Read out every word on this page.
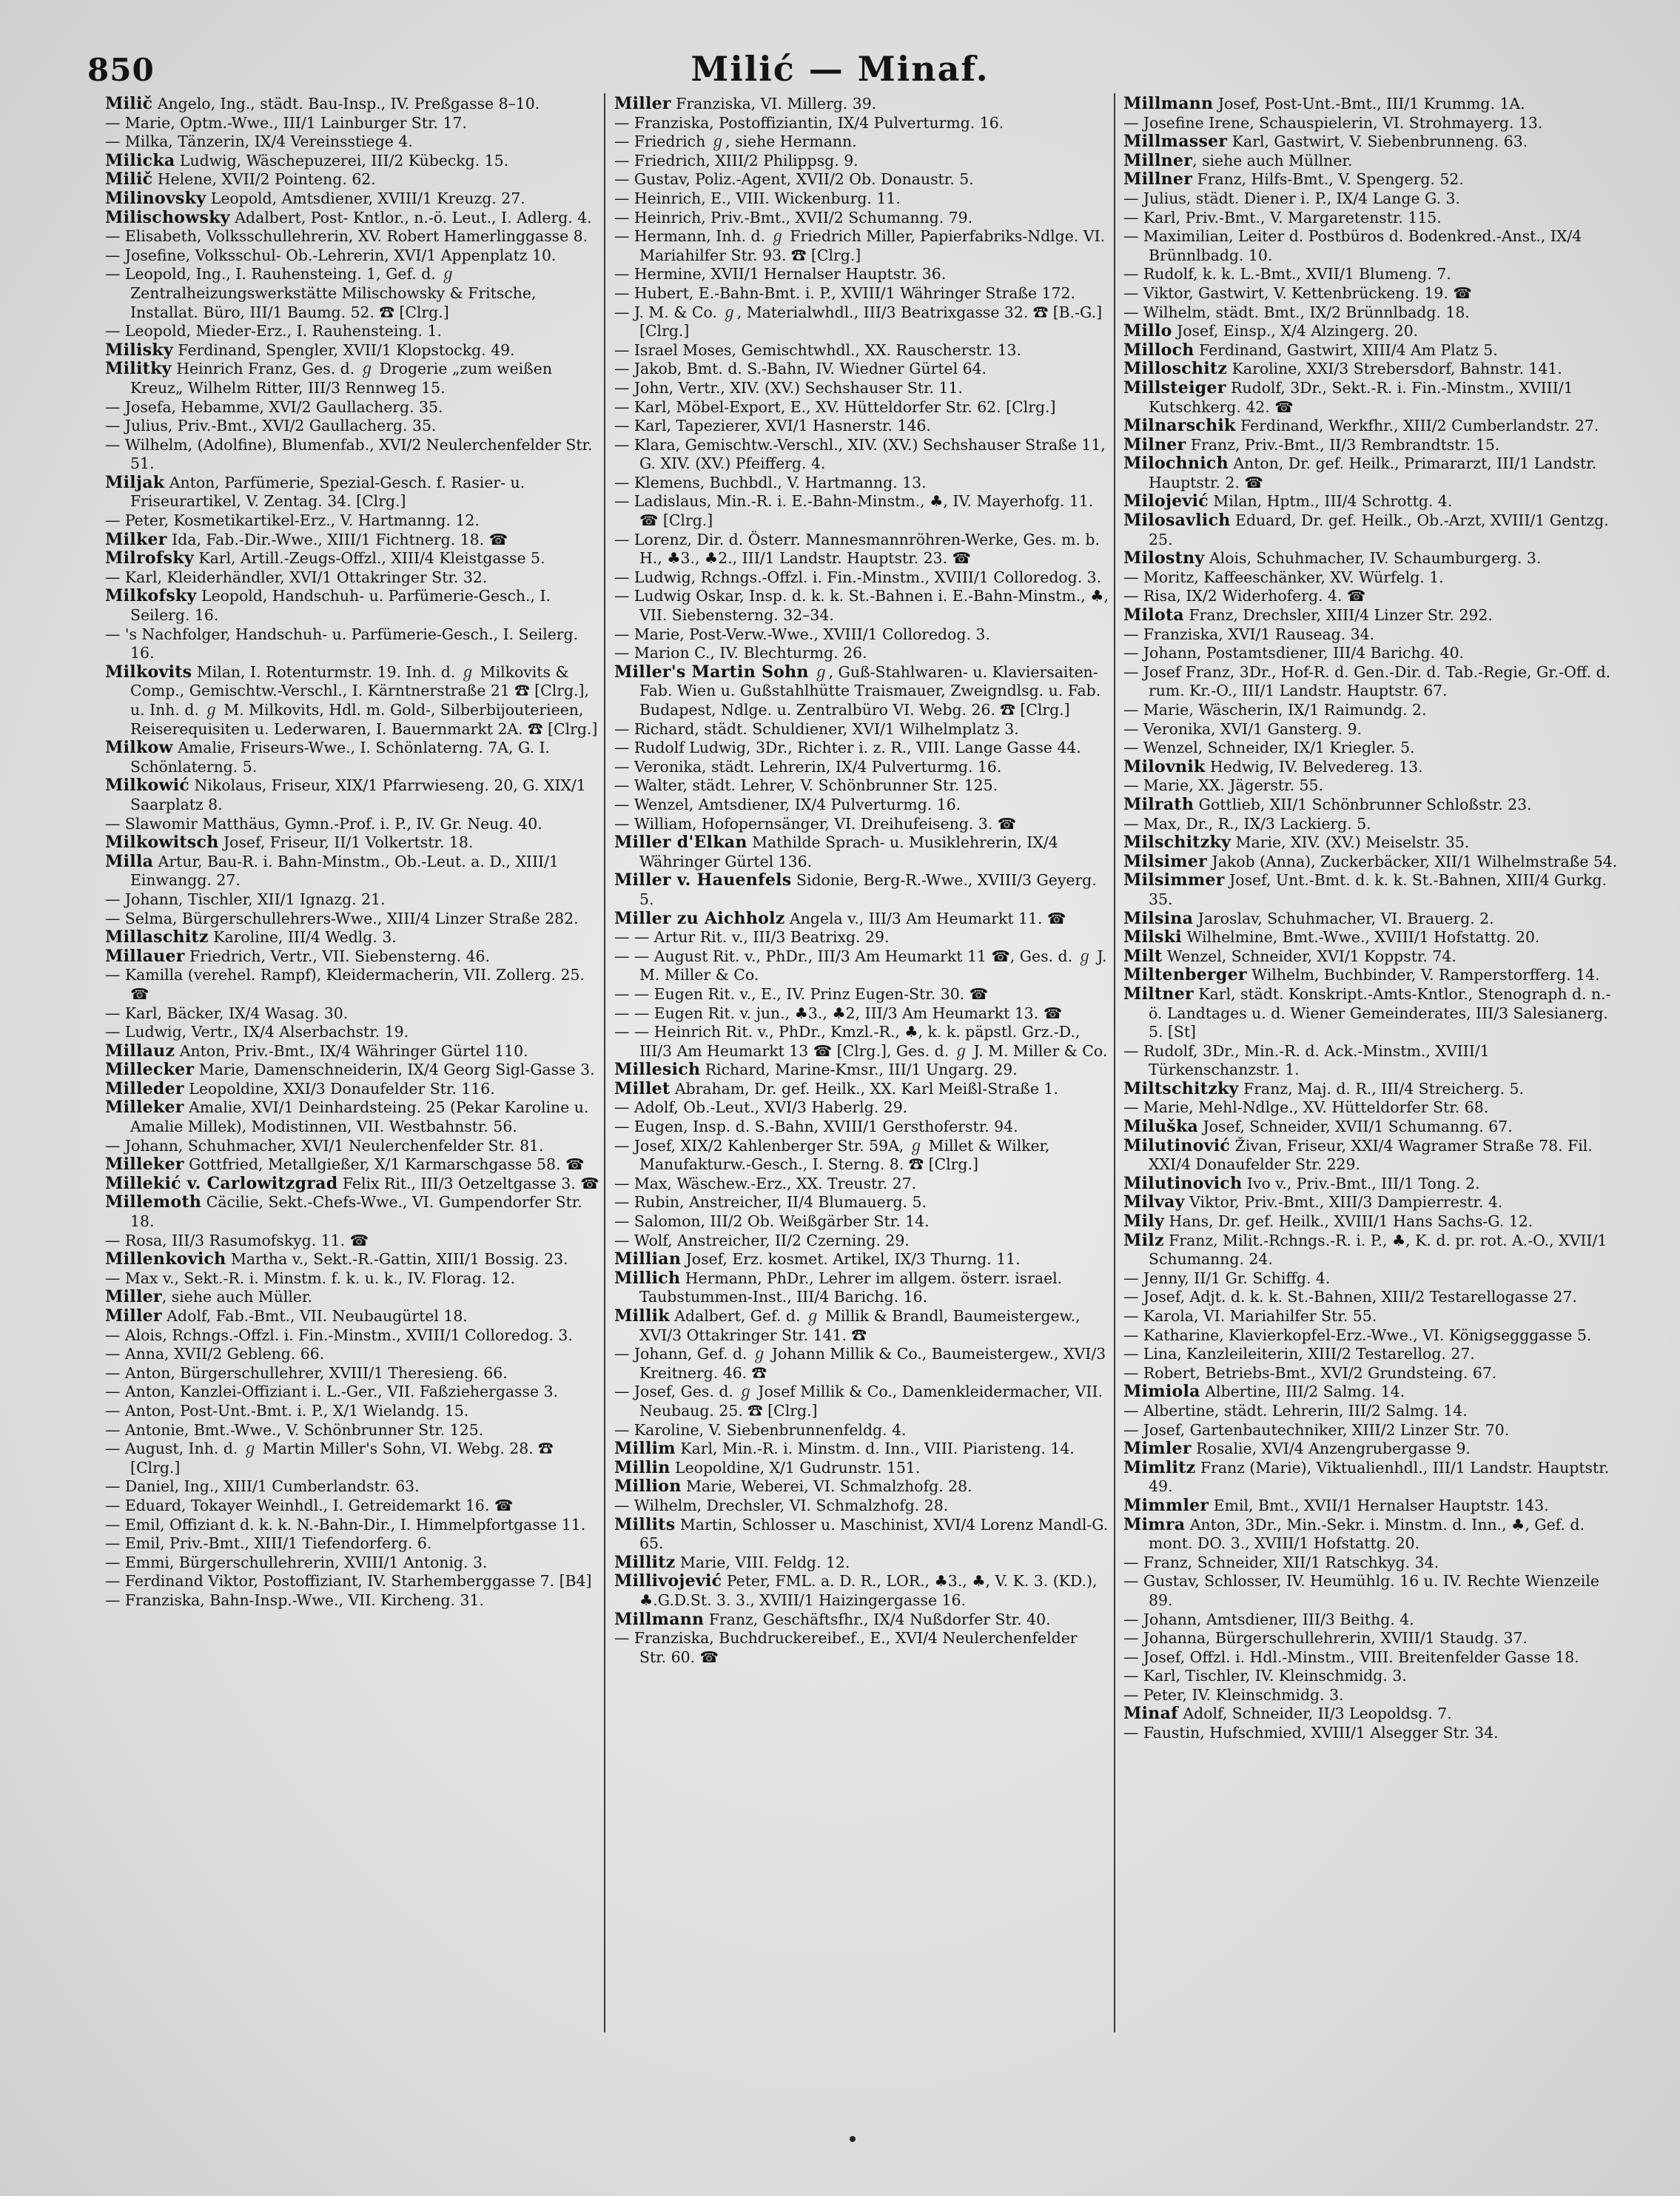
850	Milić — Minaf.

Milič Angelo, Ing., städt. Bau-Insp., IV. Preßgasse 8–10.

— Marie, Optm.-Wwe., III/1 Lainburger Str. 17.

— Milka, Tänzerin, IX/4 Vereinsstiege 4.

Milicka Ludwig, Wäschepuzerei, III/2 Kübeckg. 15.

Milič Helene, XVII/2 Pointeng. 62.

Milinovsky Leopold, Amtsdiener, XVIII/1 Kreuzg. 27.

Milischowsky Adalbert, Post- Kntlor., n.-ö. Leut., I. Adlerg. 4.

— Elisabeth, Volksschullehrerin, XV. Robert Hamerlinggasse 8.

— Josefine, Volksschul- Ob.-Lehrerin, XVI/1 Appenplatz 10.

— Leopold, Ing., I. Rauhensteing. 1, Gef. d. ℊ Zentralheizungswerkstätte Milischowsky & Fritsche, Installat. Büro, III/1 Baumg. 52. ☎ [Clrg.]

— Leopold, Mieder-Erz., I. Rauhensteing. 1.

Milisky Ferdinand, Spengler, XVII/1 Klopstockg. 49.

Militky Heinrich Franz, Ges. d. ℊ Drogerie „zum weißen Kreuz„ Wilhelm Ritter, III/3 Rennweg 15.

— Josefa, Hebamme, XVI/2 Gaullacherg. 35.

— Julius, Priv.-Bmt., XVI/2 Gaullacherg. 35.

— Wilhelm, (Adolfine), Blumenfab., XVI/2 Neulerchenfelder Str. 51.

Miljak Anton, Parfümerie, Spezial-Gesch. f. Rasier- u. Friseurartikel, V. Zentag. 34. [Clrg.]

— Peter, Kosmetikartikel-Erz., V. Hartmanng. 12.

Milker Ida, Fab.-Dir.-Wwe., XIII/1 Fichtnerg. 18. ☎

Milrofsky Karl, Artill.-Zeugs-Offzl., XIII/4 Kleistgasse 5.

— Karl, Kleiderhändler, XVI/1 Ottakringer Str. 32.

Milkofsky Leopold, Handschuh- u. Parfümerie-Gesch., I. Seilerg. 16.

— 's Nachfolger, Handschuh- u. Parfümerie-Gesch., I. Seilerg. 16.

Milkovits Milan, I. Rotenturmstr. 19. Inh. d. ℊ Milkovits & Comp., Gemischtw.-Verschl., I. Kärntnerstraße 21 ☎ [Clrg.], u. Inh. d. ℊ M. Milkovits, Hdl. m. Gold-, Silberbijouterieen, Reiserequisiten u. Lederwaren, I. Bauernmarkt 2A. ☎ [Clrg.]

Milkow Amalie, Friseurs-Wwe., I. Schönlaterng. 7A, G. I. Schönlaterng. 5.

Milkowić Nikolaus, Friseur, XIX/1 Pfarrwieseng. 20, G. XIX/1 Saarplatz 8.

— Slawomir Matthäus, Gymn.-Prof. i. P., IV. Gr. Neug. 40.

Milkowitsch Josef, Friseur, II/1 Volkertstr. 18.

Milla Artur, Bau-R. i. Bahn-Minstm., Ob.-Leut. a. D., XIII/1 Einwangg. 27.

— Johann, Tischler, XII/1 Ignazg. 21.

— Selma, Bürgerschullehrers-Wwe., XIII/4 Linzer Straße 282.

Millaschitz Karoline, III/4 Wedlg. 3.

Millauer Friedrich, Vertr., VII. Siebensterng. 46.

— Kamilla (verehel. Rampf), Kleidermacherin, VII. Zollerg. 25. ☎

— Karl, Bäcker, IX/4 Wasag. 30.

— Ludwig, Vertr., IX/4 Alserbachstr. 19.

Millauz Anton, Priv.-Bmt., IX/4 Währinger Gürtel 110.

Millecker Marie, Damenschneiderin, IX/4 Georg Sigl-Gasse 3.

Milleder Leopoldine, XXI/3 Donaufelder Str. 116.

Milleker Amalie, XVI/1 Deinhardsteing. 25 (Pekar Karoline u. Amalie Millek), Modistinnen, VII. Westbahnstr. 56.

— Johann, Schuhmacher, XVI/1 Neulerchenfelder Str. 81.

Milleker Gottfried, Metallgießer, X/1 Karmarschgasse 58. ☎

Millekić v. Carlowitzgrad Felix Rit., III/3 Oetzeltgasse 3. ☎

Millemoth Cäcilie, Sekt.-Chefs-Wwe., VI. Gumpendorfer Str. 18.

— Rosa, III/3 Rasumofskyg. 11. ☎

Millenkovich Martha v., Sekt.-R.-Gattin, XIII/1 Bossig. 23.

— Max v., Sekt.-R. i. Minstm. f. k. u. k., IV. Florag. 12.

Miller, siehe auch Müller.

Miller Adolf, Fab.-Bmt., VII. Neubaugürtel 18.

— Alois, Rchngs.-Offzl. i. Fin.-Minstm., XVIII/1 Colloredog. 3.

— Anna, XVII/2 Gebleng. 66.

— Anton, Bürgerschullehrer, XVIII/1 Theresieng. 66.

— Anton, Kanzlei-Offiziant i. L.-Ger., VII. Faßziehergasse 3.

— Anton, Post-Unt.-Bmt. i. P., X/1 Wielandg. 15.

— Antonie, Bmt.-Wwe., V. Schönbrunner Str. 125.

— August, Inh. d. ℊ Martin Miller's Sohn, VI. Webg. 28. ☎ [Clrg.]

— Daniel, Ing., XIII/1 Cumberlandstr. 63.

— Eduard, Tokayer Weinhdl., I. Getreidemarkt 16. ☎

— Emil, Offiziant d. k. k. N.-Bahn-Dir., I. Himmelpfortgasse 11.

— Emil, Priv.-Bmt., XIII/1 Tiefendorferg. 6.

— Emmi, Bürgerschullehrerin, XVIII/1 Antonig. 3.

— Ferdinand Viktor, Postoffiziant, IV. Starhemberggasse 7. [B4]

— Franziska, Bahn-Insp.-Wwe., VII. Kircheng. 31.

Miller Franziska, VI. Millerg. 39.

— Franziska, Postoffiziantin, IX/4 Pulverturmg. 16.

— Friedrich ℊ, siehe Hermann.

— Friedrich, XIII/2 Philippsg. 9.

— Gustav, Poliz.-Agent, XVII/2 Ob. Donaustr. 5.

— Heinrich, E., VIII. Wickenburg. 11.

— Heinrich, Priv.-Bmt., XVII/2 Schumanng. 79.

— Hermann, Inh. d. ℊ Friedrich Miller, Papierfabriks-Ndlge. VI. Mariahilfer Str. 93. ☎ [Clrg.]

— Hermine, XVII/1 Hernalser Hauptstr. 36.

— Hubert, E.-Bahn-Bmt. i. P., XVIII/1 Währinger Straße 172.

— J. M. & Co. ℊ, Materialwhdl., III/3 Beatrixgasse 32. ☎ [B.-G.] [Clrg.]

— Israel Moses, Gemischtwhdl., XX. Rauscherstr. 13.

— Jakob, Bmt. d. S.-Bahn, IV. Wiedner Gürtel 64.

— John, Vertr., XIV. (XV.) Sechshauser Str. 11.

— Karl, Möbel-Export, E., XV. Hütteldorfer Str. 62. [Clrg.]

— Karl, Tapezierer, XVI/1 Hasnerstr. 146.

— Klara, Gemischtw.-Verschl., XIV. (XV.) Sechshauser Straße 11, G. XIV. (XV.) Pfeifferg. 4.

— Klemens, Buchbdl., V. Hartmanng. 13.

— Ladislaus, Min.-R. i. E.-Bahn-Minstm., ♣, IV. Mayerhofg. 11. ☎ [Clrg.]

— Lorenz, Dir. d. Österr. Mannesmannröhren-Werke, Ges. m. b. H., ♣3., ♣2., III/1 Landstr. Hauptstr. 23. ☎

— Ludwig, Rchngs.-Offzl. i. Fin.-Minstm., XVIII/1 Colloredog. 3.

— Ludwig Oskar, Insp. d. k. k. St.-Bahnen i. E.-Bahn-Minstm., ♣, VII. Siebensterng. 32–34.

— Marie, Post-Verw.-Wwe., XVIII/1 Colloredog. 3.

— Marion C., IV. Blechturmg. 26.

Miller's Martin Sohn ℊ, Guß-Stahlwaren- u. Klaviersaiten-Fab. Wien u. Gußstahlhütte Traismauer, Zweigndlsg. u. Fab. Budapest, Ndlge. u. Zentralbüro VI. Webg. 26. ☎ [Clrg.]

— Richard, städt. Schuldiener, XVI/1 Wilhelmplatz 3.

— Rudolf Ludwig, 3Dr., Richter i. z. R., VIII. Lange Gasse 44.

— Veronika, städt. Lehrerin, IX/4 Pulverturmg. 16.

— Walter, städt. Lehrer, V. Schönbrunner Str. 125.

— Wenzel, Amtsdiener, IX/4 Pulverturmg. 16.

— William, Hofopernsänger, VI. Dreihufeiseng. 3. ☎

Miller d'Elkan Mathilde Sprach- u. Musiklehrerin, IX/4 Währinger Gürtel 136.

Miller v. Hauenfels Sidonie, Berg-R.-Wwe., XVIII/3 Geyerg. 5.

Miller zu Aichholz Angela v., III/3 Am Heumarkt 11. ☎

— — Artur Rit. v., III/3 Beatrixg. 29.

— — August Rit. v., PhDr., III/3 Am Heumarkt 11 ☎, Ges. d. ℊ J. M. Miller & Co.

— — Eugen Rit. v., E., IV. Prinz Eugen-Str. 30. ☎

— — Eugen Rit. v. jun., ♣3., ♣2, III/3 Am Heumarkt 13. ☎

— — Heinrich Rit. v., PhDr., Kmzl.-R., ♣, k. k. päpstl. Grz.-D., III/3 Am Heumarkt 13 ☎ [Clrg.], Ges. d. ℊ J. M. Miller & Co.

Millesich Richard, Marine-Kmsr., III/1 Ungarg. 29.

Millet Abraham, Dr. gef. Heilk., XX. Karl Meißl-Straße 1.

— Adolf, Ob.-Leut., XVI/3 Haberlg. 29.

— Eugen, Insp. d. S.-Bahn, XVIII/1 Gersthoferstr. 94.

— Josef, XIX/2 Kahlenberger Str. 59A, ℊ Millet & Wilker, Manufakturw.-Gesch., I. Sterng. 8. ☎ [Clrg.]

— Max, Wäschew.-Erz., XX. Treustr. 27.

— Rubin, Anstreicher, II/4 Blumauerg. 5.

— Salomon, III/2 Ob. Weißgärber Str. 14.

— Wolf, Anstreicher, II/2 Czerning. 29.

Millian Josef, Erz. kosmet. Artikel, IX/3 Thurng. 11.

Millich Hermann, PhDr., Lehrer im allgem. österr. israel. Taubstummen-Inst., III/4 Barichg. 16.

Millik Adalbert, Gef. d. ℊ Millik & Brandl, Baumeistergew., XVI/3 Ottakringer Str. 141. ☎

— Johann, Gef. d. ℊ Johann Millik & Co., Baumeistergew., XVI/3 Kreitnerg. 46. ☎

— Josef, Ges. d. ℊ Josef Millik & Co., Damenkleidermacher, VII. Neubaug. 25. ☎ [Clrg.]

— Karoline, V. Siebenbrunnenfeldg. 4.

Millim Karl, Min.-R. i. Minstm. d. Inn., VIII. Piaristeng. 14.

Millin Leopoldine, X/1 Gudrunstr. 151.

Million Marie, Weberei, VI. Schmalzhofg. 28.

— Wilhelm, Drechsler, VI. Schmalzhofg. 28.

Millits Martin, Schlosser u. Maschinist, XVI/4 Lorenz Mandl-G. 65.

Millitz Marie, VIII. Feldg. 12.

Millivojević Peter, FML. a. D. R., LOR., ♣3., ♣, V. K. 3. (KD.), ♣.G.D.St. 3. 3., XVIII/1 Haizingergasse 16.

Millmann Franz, Geschäftsfhr., IX/4 Nußdorfer Str. 40.

— Franziska, Buchdruckereibef., E., XVI/4 Neulerchenfelder Str. 60. ☎

Millmann Josef, Post-Unt.-Bmt., III/1 Krummg. 1A.

— Josefine Irene, Schauspielerin, VI. Strohmayerg. 13.

Millmasser Karl, Gastwirt, V. Siebenbrunneng. 63.

Millner, siehe auch Müllner.

Millner Franz, Hilfs-Bmt., V. Spengerg. 52.

— Julius, städt. Diener i. P., IX/4 Lange G. 3.

— Karl, Priv.-Bmt., V. Margaretenstr. 115.

— Maximilian, Leiter d. Postbüros d. Bodenkred.-Anst., IX/4 Brünnlbadg. 10.

— Rudolf, k. k. L.-Bmt., XVII/1 Blumeng. 7.

— Viktor, Gastwirt, V. Kettenbrückeng. 19. ☎

— Wilhelm, städt. Bmt., IX/2 Brünnlbadg. 18.

Millo Josef, Einsp., X/4 Alzingerg. 20.

Milloch Ferdinand, Gastwirt, XIII/4 Am Platz 5.

Milloschitz Karoline, XXI/3 Strebersdorf, Bahnstr. 141.

Millsteiger Rudolf, 3Dr., Sekt.-R. i. Fin.-Minstm., XVIII/1 Kutschkerg. 42. ☎

Milnarschik Ferdinand, Werkfhr., XIII/2 Cumberlandstr. 27.

Milner Franz, Priv.-Bmt., II/3 Rembrandtstr. 15.

Milochnich Anton, Dr. gef. Heilk., Primararzt, III/1 Landstr. Hauptstr. 2. ☎

Milojević Milan, Hptm., III/4 Schrottg. 4.

Milosavlich Eduard, Dr. gef. Heilk., Ob.-Arzt, XVIII/1 Gentzg. 25.

Milostny Alois, Schuhmacher, IV. Schaumburgerg. 3.

— Moritz, Kaffeeschänker, XV. Würfelg. 1.

— Risa, IX/2 Widerhoferg. 4. ☎

Milota Franz, Drechsler, XIII/4 Linzer Str. 292.

— Franziska, XVI/1 Rauseag. 34.

— Johann, Postamtsdiener, III/4 Barichg. 40.

— Josef Franz, 3Dr., Hof-R. d. Gen.-Dir. d. Tab.-Regie, Gr.-Off. d. rum. Kr.-O., III/1 Landstr. Hauptstr. 67.

— Marie, Wäscherin, IX/1 Raimundg. 2.

— Veronika, XVI/1 Gansterg. 9.

— Wenzel, Schneider, IX/1 Kriegler. 5.

Milovnik Hedwig, IV. Belvedereg. 13.

— Marie, XX. Jägerstr. 55.

Milrath Gottlieb, XII/1 Schönbrunner Schloßstr. 23.

— Max, Dr., R., IX/3 Lackierg. 5.

Milschitzky Marie, XIV. (XV.) Meiselstr. 35.

Milsimer Jakob (Anna), Zuckerbäcker, XII/1 Wilhelmstraße 54.

Milsimmer Josef, Unt.-Bmt. d. k. k. St.-Bahnen, XIII/4 Gurkg. 35.

Milsina Jaroslav, Schuhmacher, VI. Brauerg. 2.

Milski Wilhelmine, Bmt.-Wwe., XVIII/1 Hofstattg. 20.

Milt Wenzel, Schneider, XVI/1 Koppstr. 74.

Miltenberger Wilhelm, Buchbinder, V. Ramperstorfferg. 14.

Miltner Karl, städt. Konskript.-Amts-Kntlor., Stenograph d. n.-ö. Landtages u. d. Wiener Gemeinderates, III/3 Salesianerg. 5. [St]

— Rudolf, 3Dr., Min.-R. d. Ack.-Minstm., XVIII/1 Türkenschanzstr. 1.

Miltschitzky Franz, Maj. d. R., III/4 Streicherg. 5.

— Marie, Mehl-Ndlge., XV. Hütteldorfer Str. 68.

Miluška Josef, Schneider, XVII/1 Schumanng. 67.

Milutinović Živan, Friseur, XXI/4 Wagramer Straße 78. Fil. XXI/4 Donaufelder Str. 229.

Milutinovich Ivo v., Priv.-Bmt., III/1 Tong. 2.

Milvay Viktor, Priv.-Bmt., XIII/3 Dampierrestr. 4.

Mily Hans, Dr. gef. Heilk., XVIII/1 Hans Sachs-G. 12.

Milz Franz, Milit.-Rchngs.-R. i. P., ♣, K. d. pr. rot. A.-O., XVII/1 Schumanng. 24.

— Jenny, II/1 Gr. Schiffg. 4.

— Josef, Adjt. d. k. k. St.-Bahnen, XIII/2 Testarellogasse 27.

— Karola, VI. Mariahilfer Str. 55.

— Katharine, Klavierkopfel-Erz.-Wwe., VI. Königsegggasse 5.

— Lina, Kanzleileiterin, XIII/2 Testarellog. 27.

— Robert, Betriebs-Bmt., XVI/2 Grundsteing. 67.

Mimiola Albertine, III/2 Salmg. 14.

— Albertine, städt. Lehrerin, III/2 Salmg. 14.

— Josef, Gartenbautechniker, XIII/2 Linzer Str. 70.

Mimler Rosalie, XVI/4 Anzengrubergasse 9.

Mimlitz Franz (Marie), Viktualienhdl., III/1 Landstr. Hauptstr. 49.

Mimmler Emil, Bmt., XVII/1 Hernalser Hauptstr. 143.

Mimra Anton, 3Dr., Min.-Sekr. i. Minstm. d. Inn., ♣, Gef. d. mont. DO. 3., XVIII/1 Hofstattg. 20.

— Franz, Schneider, XII/1 Ratschkyg. 34.

— Gustav, Schlosser, IV. Heumühlg. 16 u. IV. Rechte Wienzeile 89.

— Johann, Amtsdiener, III/3 Beithg. 4.

— Johanna, Bürgerschullehrerin, XVIII/1 Staudg. 37.

— Josef, Offzl. i. Hdl.-Minstm., VIII. Breitenfelder Gasse 18.

— Karl, Tischler, IV. Kleinschmidg. 3.

— Peter, IV. Kleinschmidg. 3.

Minaf Adolf, Schneider, II/3 Leopoldsg. 7.

— Faustin, Hufschmied, XVIII/1 Alsegger Str. 34.
